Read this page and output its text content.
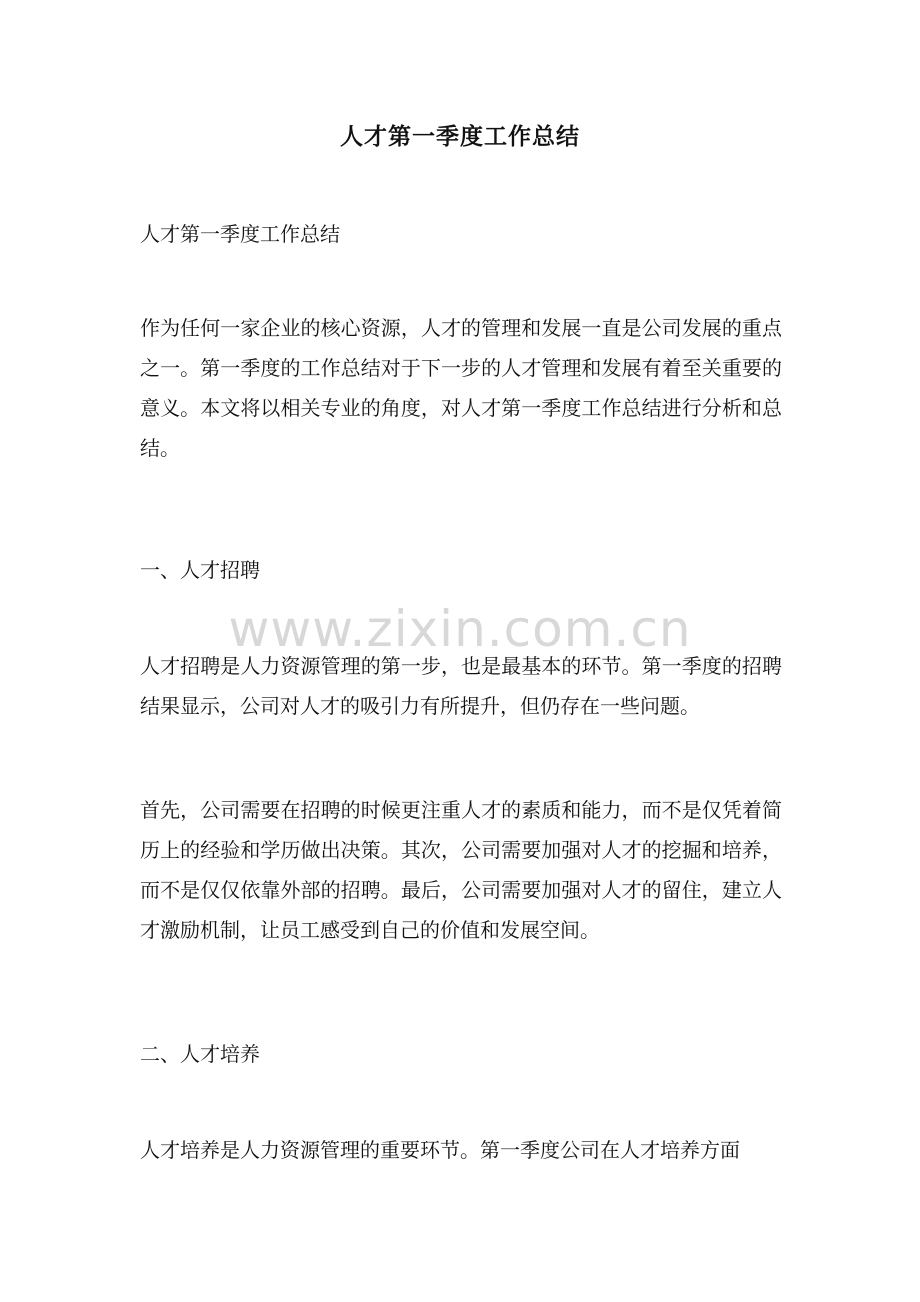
人才第一季度工作总结

人才第一季度工作总结

作为任何一家企业的核心资源，人才的管理和发展一直是公司发展的重点之一。第一季度的工作总结对于下一步的人才管理和发展有着至关重要的意义。本文将以相关专业的角度，对人才第一季度工作总结进行分析和总结。

一、人才招聘

人才招聘是人力资源管理的第一步，也是最基本的环节。第一季度的招聘结果显示，公司对人才的吸引力有所提升，但仍存在一些问题。

首先，公司需要在招聘的时候更注重人才的素质和能力，而不是仅凭着简历上的经验和学历做出决策。其次，公司需要加强对人才的挖掘和培养，而不是仅仅依靠外部的招聘。最后，公司需要加强对人才的留住，建立人才激励机制，让员工感受到自己的价值和发展空间。

二、人才培养

人才培养是人力资源管理的重要环节。第一季度公司在人才培养方面

www.zixin.com.cn
